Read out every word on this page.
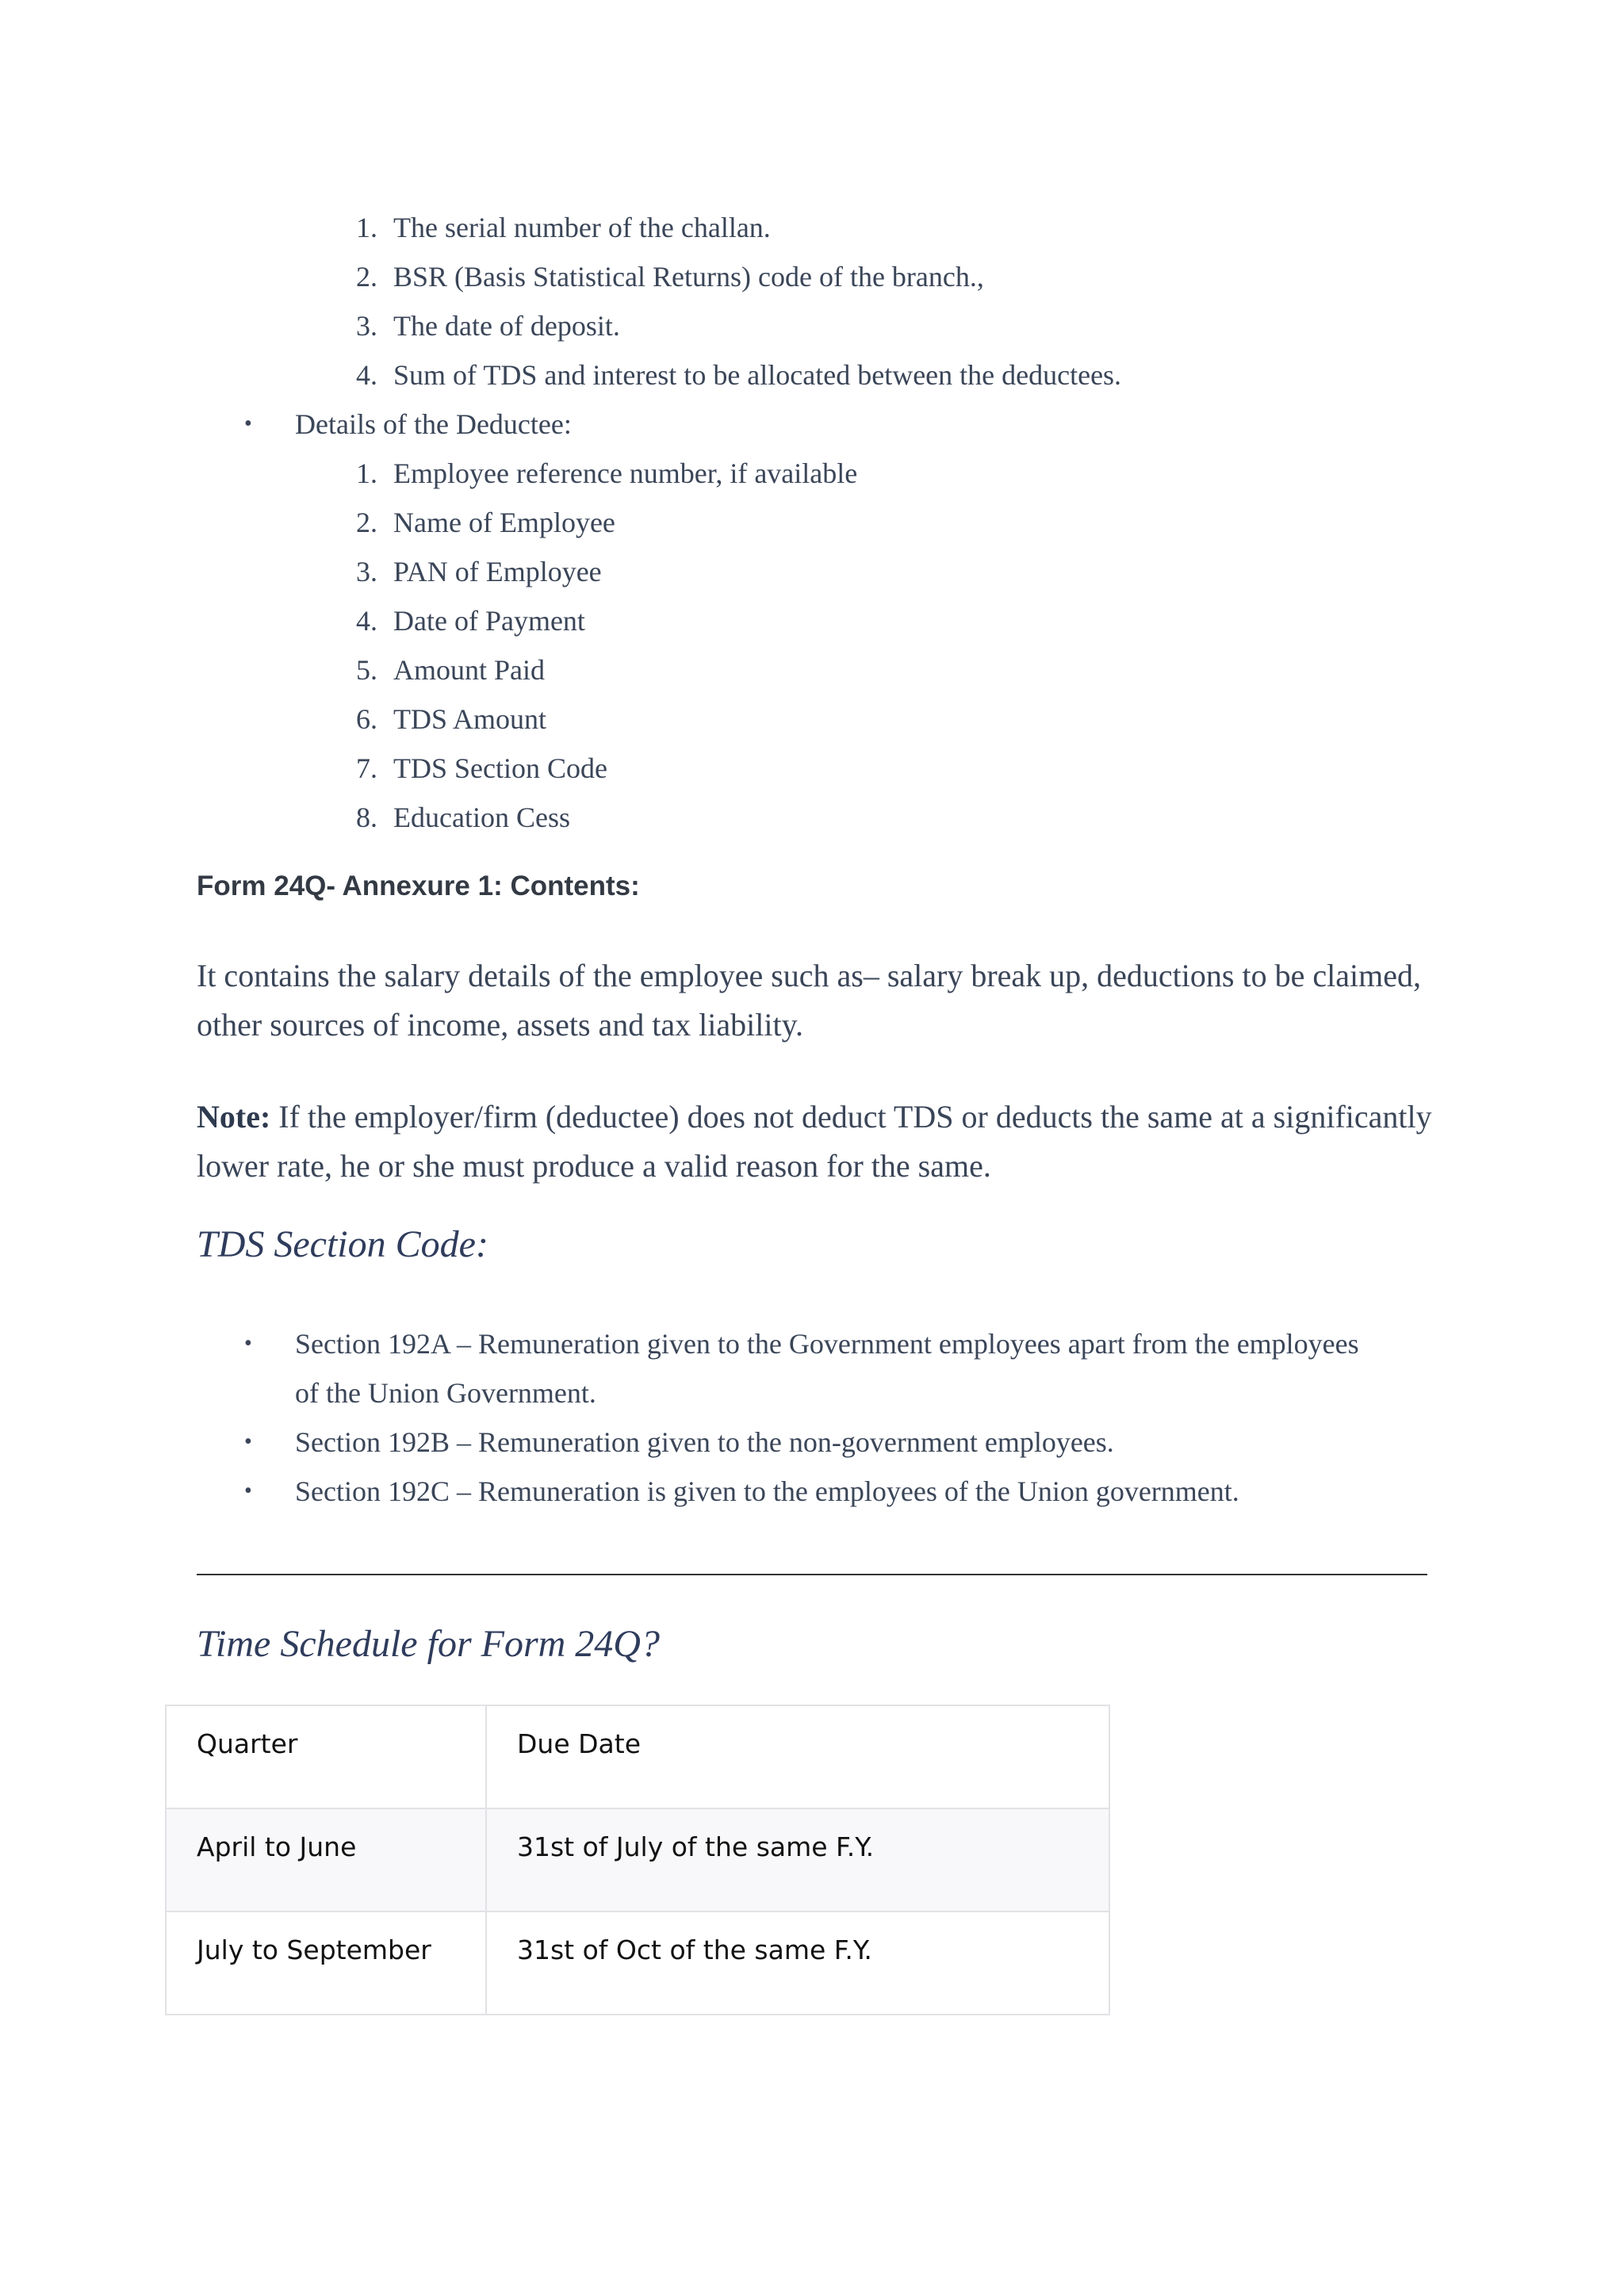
1. The serial number of the challan.
2. BSR (Basis Statistical Returns) code of the branch.,
3. The date of deposit.
4. Sum of TDS and interest to be allocated between the deductees.
• Details of the Deductee:
1. Employee reference number, if available
2. Name of Employee
3. PAN of Employee
4. Date of Payment
5. Amount Paid
6. TDS Amount
7. TDS Section Code
8. Education Cess
Form 24Q- Annexure 1: Contents:
It contains the salary details of the employee such as– salary break up, deductions to be claimed, other sources of income, assets and tax liability.
Note: If the employer/firm (deductee) does not deduct TDS or deducts the same at a significantly lower rate, he or she must produce a valid reason for the same.
TDS Section Code:
• Section 192A – Remuneration given to the Government employees apart from the employees
of the Union Government.
• Section 192B – Remuneration given to the non-government employees.
• Section 192C – Remuneration is given to the employees of the Union government.
Time Schedule for Form 24Q?
Quarter	Due Date
April to June	31st of July of the same F.Y.
July to September	31st of Oct of the same F.Y.
